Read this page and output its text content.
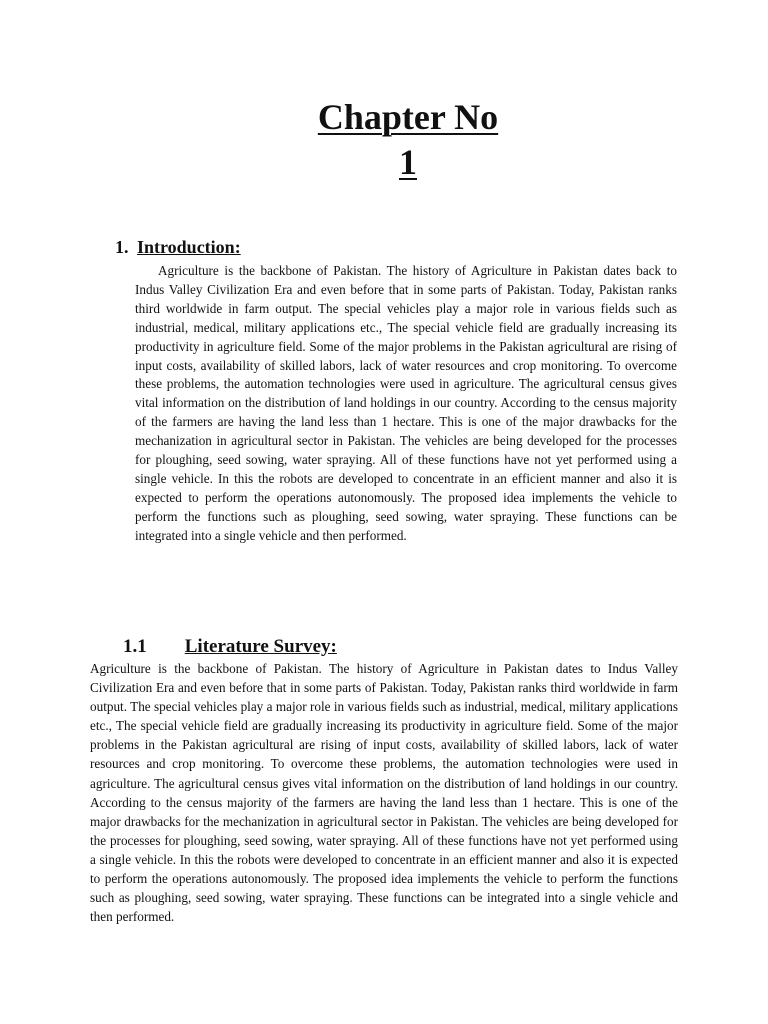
Chapter No
1
1. Introduction:

Agriculture is the backbone of Pakistan. The history of Agriculture in Pakistan dates back to Indus Valley Civilization Era and even before that in some parts of Pakistan. Today, Pakistan ranks third worldwide in farm output. The special vehicles play a major role in various fields such as industrial, medical, military applications etc., The special vehicle field are gradually increasing its productivity in agriculture field. Some of the major problems in the Pakistan agricultural are rising of input costs, availability of skilled labors, lack of water resources and crop monitoring. To overcome these problems, the automation technologies were used in agriculture. The agricultural census gives vital information on the distribution of land holdings in our country. According to the census majority of the farmers are having the land less than 1 hectare. This is one of the major drawbacks for the mechanization in agricultural sector in Pakistan. The vehicles are being developed for the processes for ploughing, seed sowing, water spraying. All of these functions have not yet performed using a single vehicle. In this the robots are developed to concentrate in an efficient manner and also it is expected to perform the operations autonomously. The proposed idea implements the vehicle to perform the functions such as ploughing, seed sowing, water spraying. These functions can be integrated into a single vehicle and then performed.

1.1 Literature Survey:

Agriculture is the backbone of Pakistan. The history of Agriculture in Pakistan dates to Indus Valley Civilization Era and even before that in some parts of Pakistan. Today, Pakistan ranks third worldwide in farm output. The special vehicles play a major role in various fields such as industrial, medical, military applications etc., The special vehicle field are gradually increasing its productivity in agriculture field. Some of the major problems in the Pakistan agricultural are rising of input costs, availability of skilled labors, lack of water resources and crop monitoring. To overcome these problems, the automation technologies were used in agriculture. The agricultural census gives vital information on the distribution of land holdings in our country. According to the census majority of the farmers are having the land less than 1 hectare. This is one of the major drawbacks for the mechanization in agricultural sector in Pakistan. The vehicles are being developed for the processes for ploughing, seed sowing, water spraying. All of these functions have not yet performed using a single vehicle. In this the robots were developed to concentrate in an efficient manner and also it is expected to perform the operations autonomously. The proposed idea implements the vehicle to perform the functions such as ploughing, seed sowing, water spraying. These functions can be integrated into a single vehicle and then performed.
